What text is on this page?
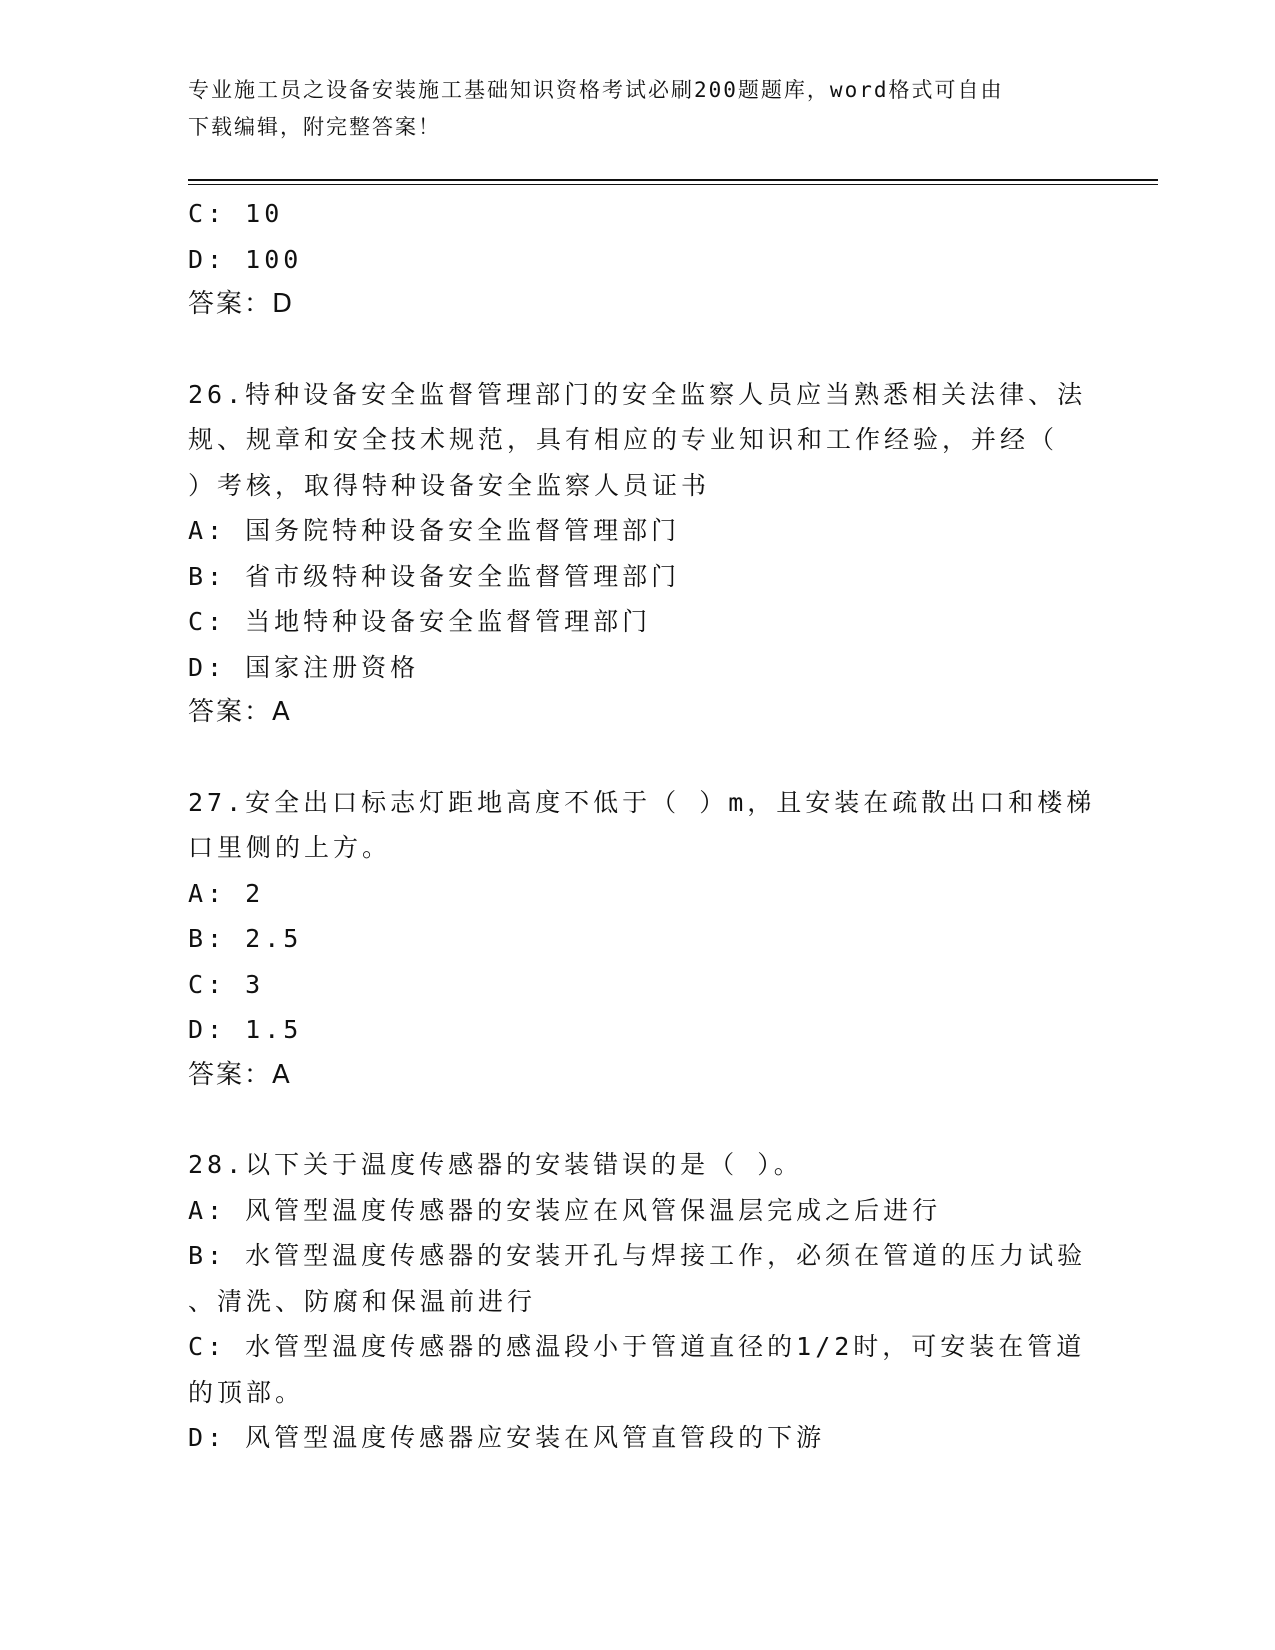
专业施工员之设备安装施工基础知识资格考试必刷200题题库，word格式可自由
下载编辑，附完整答案！
C: 10
D: 100
答案：D
26.特种设备安全监督管理部门的安全监察人员应当熟悉相关法律、法
规、规章和安全技术规范，具有相应的专业知识和工作经验，并经（
）考核，取得特种设备安全监察人员证书
A: 国务院特种设备安全监督管理部门
B: 省市级特种设备安全监督管理部门
C: 当地特种设备安全监督管理部门
D: 国家注册资格
答案：A
27.安全出口标志灯距地高度不低于（ ）m，且安装在疏散出口和楼梯
口里侧的上方。
A: 2
B: 2.5
C: 3
D: 1.5
答案：A
28.以下关于温度传感器的安装错误的是（ ）。
A: 风管型温度传感器的安装应在风管保温层完成之后进行
B: 水管型温度传感器的安装开孔与焊接工作，必须在管道的压力试验
、清洗、防腐和保温前进行
C: 水管型温度传感器的感温段小于管道直径的1/2时，可安装在管道
的顶部。
D: 风管型温度传感器应安装在风管直管段的下游
